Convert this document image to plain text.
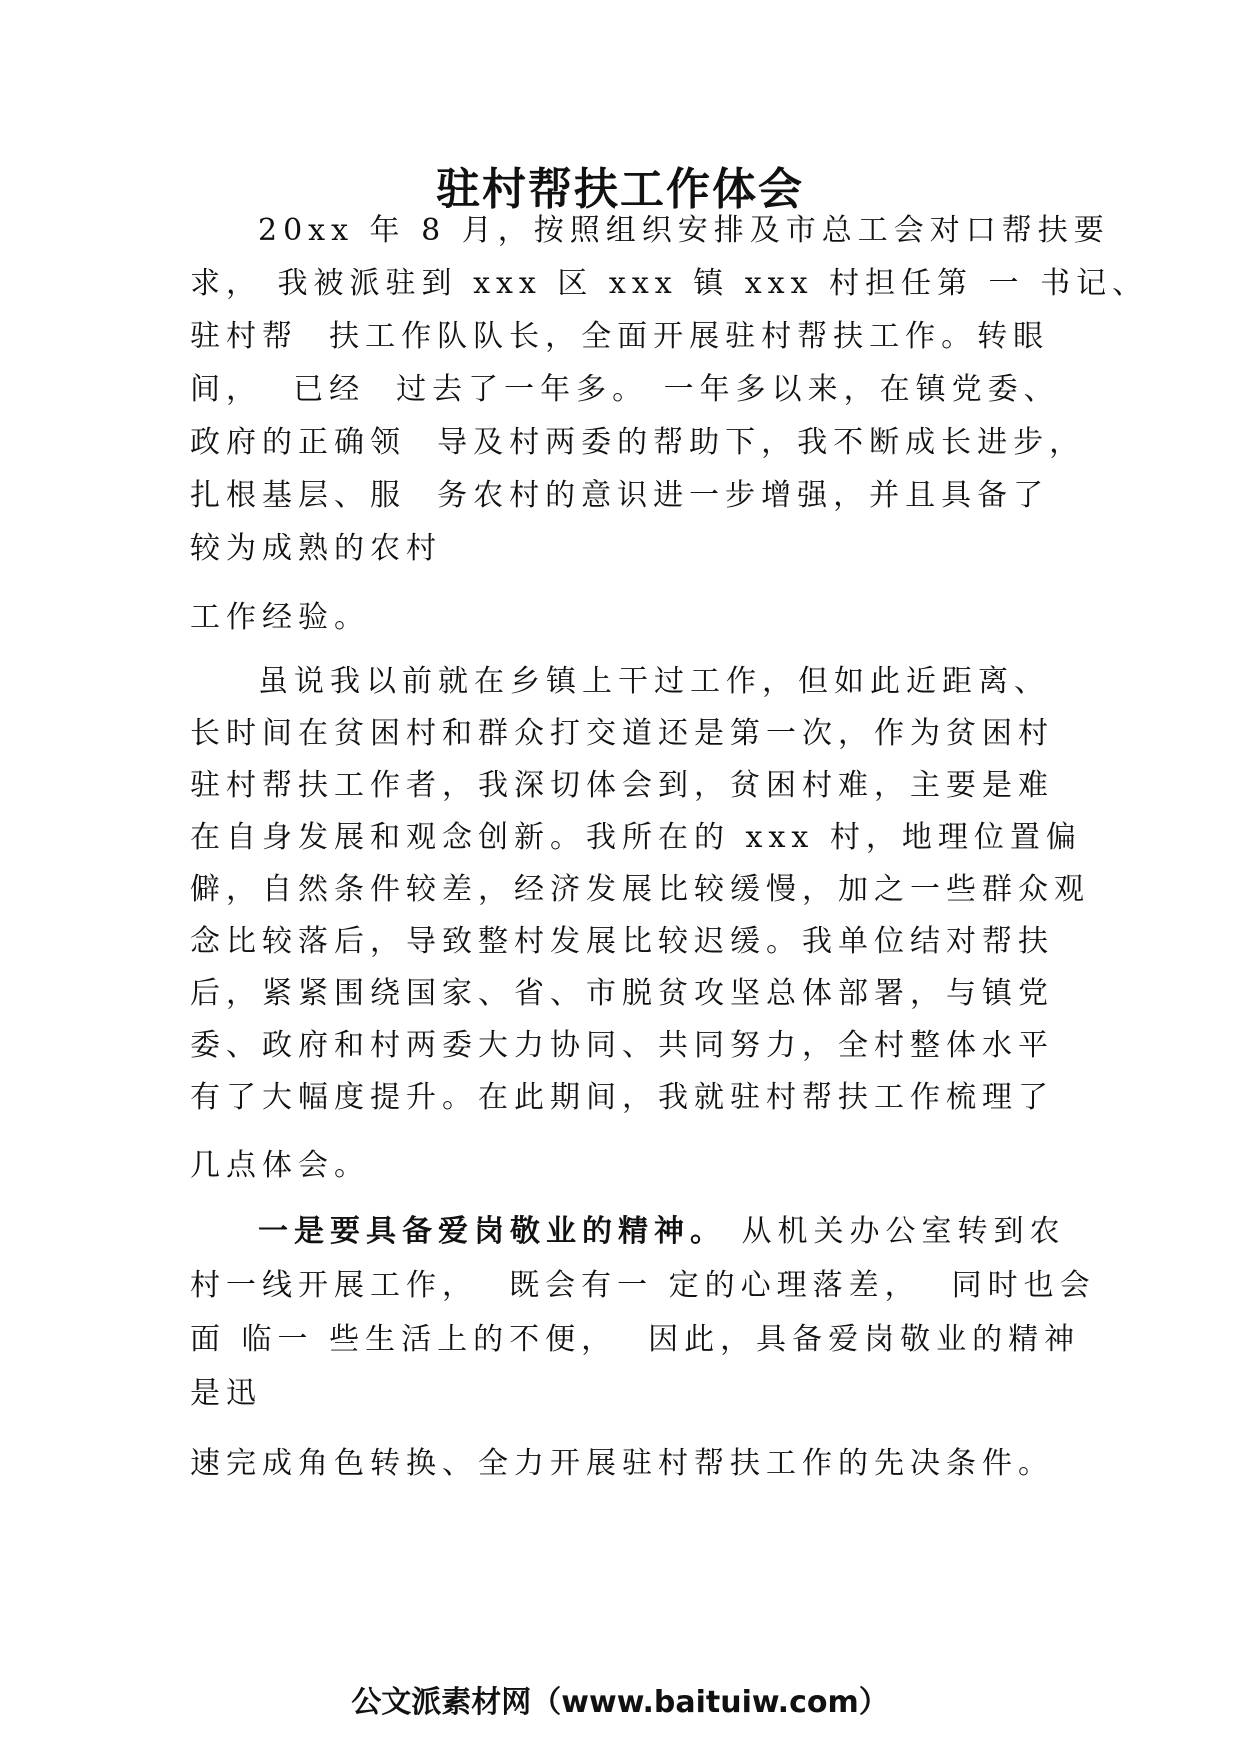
驻村帮扶工作体会
20xx 年 8 月，按照组织安排及市总工会对口帮扶要
求， 我被派驻到 xxx 区 xxx 镇 xxx 村担任第 一 书记、
驻村帮  扶工作队队长，全面开展驻村帮扶工作。转眼
间，  已经  过去了一年多。 一年多以来，在镇党委、
政府的正确领  导及村两委的帮助下，我不断成长进步，
扎根基层、服  务农村的意识进一步增强，并且具备了
较为成熟的农村
工作经验。
虽说我以前就在乡镇上干过工作，但如此近距离、
长时间在贫困村和群众打交道还是第一次，作为贫困村
驻村帮扶工作者，我深切体会到，贫困村难，主要是难
在自身发展和观念创新。我所在的 xxx 村，地理位置偏
僻，自然条件较差，经济发展比较缓慢，加之一些群众观
念比较落后，导致整村发展比较迟缓。我单位结对帮扶
后，紧紧围绕国家、省、市脱贫攻坚总体部署，与镇党
委、政府和村两委大力协同、共同努力，全村整体水平
有了大幅度提升。在此期间，我就驻村帮扶工作梳理了
几点体会。
一是要具备爱岗敬业的精神。 从机关办公室转到农
村一线开展工作，  既会有一 定的心理落差，  同时也会
面 临一 些生活上的不便，  因此，具备爱岗敬业的精神
是迅
速完成角色转换、全力开展驻村帮扶工作的先决条件。
公文派素材网（www.baituiw.com）
